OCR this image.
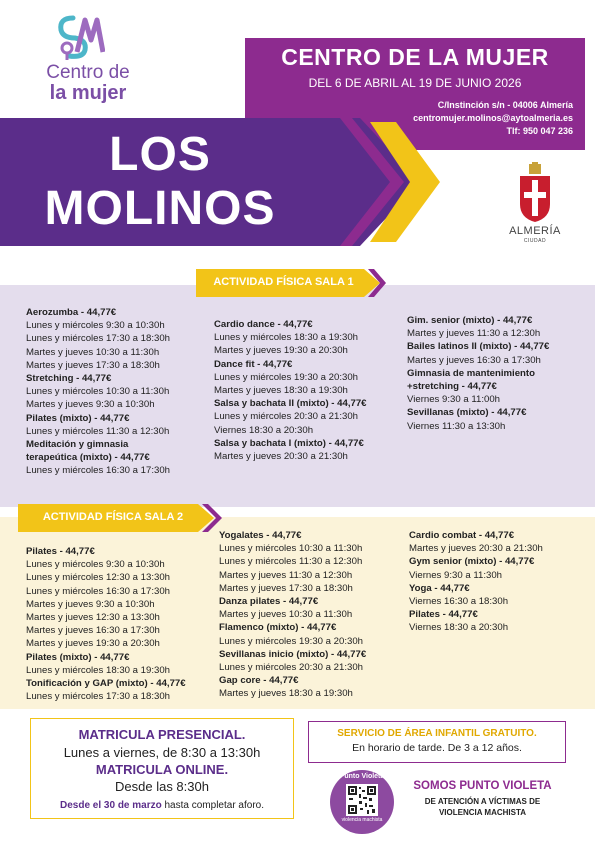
Centro de
la mujer
CENTRO DE LA MUJER
DEL 6 DE ABRIL AL 19 DE JUNIO 2026
C/Instinción s/n - 04006 Almería
centromujer.molinos@aytoalmeria.es
Tlf: 950 047 236
LOS
MOLINOS	ALMERÍA
CIUDAD
ACTIVIDAD FÍSICA SALA 1
Aerozumba - 44,77€
Lunes y miércoles 9:30 a 10:30h
Lunes y miércoles 17:30 a 18:30h
Martes y jueves 10:30 a 11:30h
Martes y jueves 17:30 a 18:30h
Stretching - 44,77€
Lunes y miércoles 10:30 a 11:30h
Martes y jueves 9:30 a 10:30h
Pilates (mixto) - 44,77€
Lunes y miércoles 11:30 a 12:30h
Meditación y gimnasia
terapeútica (mixto) - 44,77€
Lunes y miércoles 16:30 a 17:30h
Cardio dance - 44,77€
Lunes y miércoles 18:30 a 19:30h
Martes y jueves 19:30 a 20:30h
Dance fit - 44,77€
Lunes y miércoles 19:30 a 20:30h
Martes y jueves 18:30 a 19:30h
Salsa y bachata II (mixto) - 44,77€
Lunes y miércoles 20:30 a 21:30h
Viernes 18:30 a 20:30h
Salsa y bachata I (mixto) - 44,77€
Martes y jueves 20:30 a 21:30h
Gim. senior (mixto) - 44,77€
Martes y jueves 11:30 a 12:30h
Bailes latinos II (mixto) - 44,77€
Martes y jueves 16:30 a 17:30h
Gimnasia de mantenimiento
+stretching - 44,77€
Viernes 9:30 a 11:00h
Sevillanas (mixto) - 44,77€
Viernes 11:30 a 13:30h
ACTIVIDAD FÍSICA SALA 2
Pilates - 44,77€
Lunes y miércoles 9:30 a 10:30h
Lunes y miércoles 12:30 a 13:30h
Lunes y miércoles 16:30 a 17:30h
Martes y jueves 9:30 a 10:30h
Martes y jueves 12:30 a 13:30h
Martes y jueves 16:30 a 17:30h
Martes y jueves 19:30 a 20:30h
Pilates (mixto) - 44,77€
Lunes y miércoles 18:30 a 19:30h
Tonificación y GAP (mixto) - 44,77€
Lunes y miércoles 17:30 a 18:30h
Yogalates - 44,77€
Lunes y miércoles 10:30 a 11:30h
Lunes y miércoles 11:30 a 12:30h
Martes y jueves 11:30 a 12:30h
Martes y jueves 17:30 a 18:30h
Danza pilates - 44,77€
Martes y jueves 10:30 a 11:30h
Flamenco (mixto) - 44,77€
Lunes y miércoles 19:30 a 20:30h
Sevillanas inicio (mixto) - 44,77€
Lunes y miércoles 20:30 a 21:30h
Gap core - 44,77€
Martes y jueves 18:30 a 19:30h
Cardio combat - 44,77€
Martes y jueves 20:30 a 21:30h
Gym senior (mixto) - 44,77€
Viernes 9:30 a 11:30h
Yoga - 44,77€
Viernes 16:30 a 18:30h
Pilates - 44,77€
Viernes 18:30 a 20:30h
MATRICULA PRESENCIAL.
Lunes a viernes, de 8:30 a 13:30h
MATRICULA ONLINE.
Desde las 8:30h
Desde el 30 de marzo hasta completar aforo.
SERVICIO DE ÁREA INFANTIL GRATUITO.
En horario de tarde. De 3 a 12 años.
Punto Violeta
violencia machista
SOMOS PUNTO VIOLETA
DE ATENCIÓN A VÍCTIMAS DE
VIOLENCIA MACHISTA
